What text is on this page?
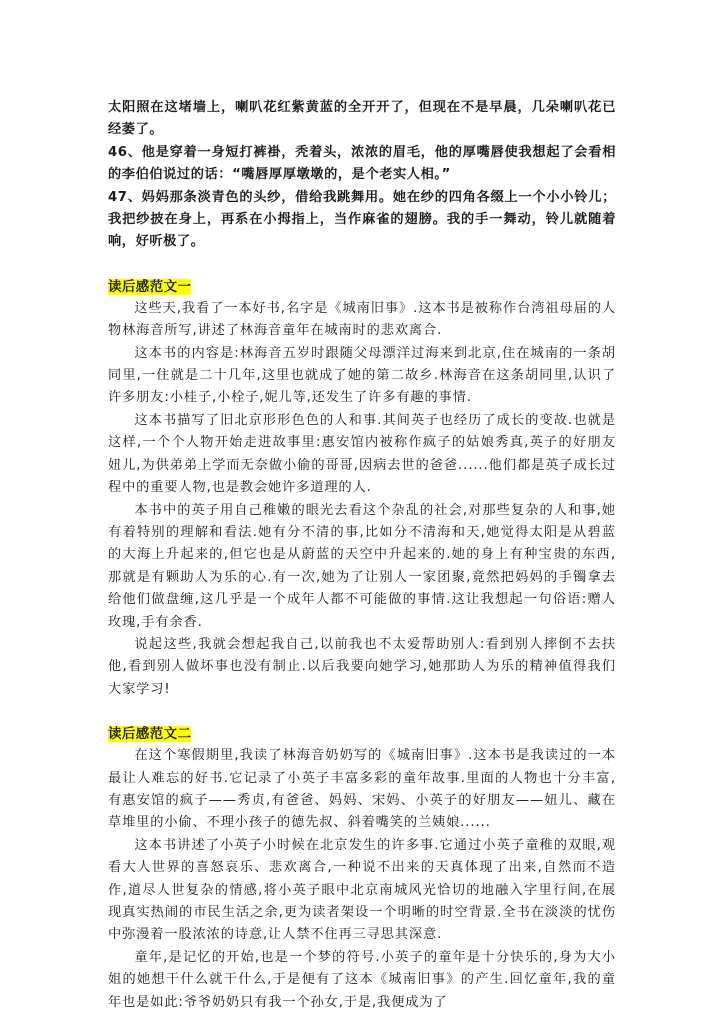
太阳照在这堵墙上，喇叭花红紫黄蓝的全开开了，但现在不是早晨，几朵喇叭花已经萎了。

46、他是穿着一身短打裤褂，秃着头，浓浓的眉毛，他的厚嘴唇使我想起了会看相的李伯伯说过的话：“嘴唇厚厚墩墩的，是个老实人相。”

47、妈妈那条淡青色的头纱，借给我跳舞用。她在纱的四角各缀上一个小小铃儿；我把纱披在身上，再系在小拇指上，当作麻雀的翅膀。我的手一舞动，铃儿就随着响，好听极了。

读后感范文一

这些天,我看了一本好书,名字是《城南旧事》.这本书是被称作台湾祖母届的人物林海音所写,讲述了林海音童年在城南时的悲欢离合.

这本书的内容是:林海音五岁时跟随父母漂洋过海来到北京,住在城南的一条胡同里,一住就是二十几年,这里也就成了她的第二故乡.林海音在这条胡同里,认识了许多朋友:小桂子,小栓子,妮儿等,还发生了许多有趣的事情.

这本书描写了旧北京形形色色的人和事.其间英子也经历了成长的变故.也就是这样,一个个人物开始走进故事里:惠安馆内被称作疯子的姑娘秀真,英子的好朋友妞儿,为供弟弟上学而无奈做小偷的哥哥,因病去世的爸爸......他们都是英子成长过程中的重要人物,也是教会她许多道理的人.

本书中的英子用自己稚嫩的眼光去看这个杂乱的社会,对那些复杂的人和事,她有着特别的理解和看法.她有分不清的事,比如分不清海和天,她觉得太阳是从碧蓝的大海上升起来的,但它也是从蔚蓝的天空中升起来的.她的身上有种宝贵的东西,那就是有颗助人为乐的心.有一次,她为了让别人一家团聚,竟然把妈妈的手镯拿去给他们做盘缠,这几乎是一个成年人都不可能做的事情.这让我想起一句俗语:赠人玫瑰,手有余香.

说起这些,我就会想起我自己,以前我也不太爱帮助别人:看到别人摔倒不去扶他,看到别人做坏事也没有制止.以后我要向她学习,她那助人为乐的精神值得我们大家学习!

读后感范文二

在这个寒假期里,我读了林海音奶奶写的《城南旧事》.这本书是我读过的一本最让人难忘的好书.它记录了小英子丰富多彩的童年故事.里面的人物也十分丰富,有惠安馆的疯子——秀贞,有爸爸、妈妈、宋妈、小英子的好朋友——妞儿、藏在草堆里的小偷、不理小孩子的德先叔、斜着嘴笑的兰姨娘......

这本书讲述了小英子小时候在北京发生的许多事.它通过小英子童稚的双眼,观看大人世界的喜怒哀乐、悲欢离合,一种说不出来的天真体现了出来,自然而不造作,道尽人世复杂的情感,将小英子眼中北京南城风光恰切的地融入字里行间,在展现真实热闹的市民生活之余,更为读者架设一个明晰的时空背景.全书在淡淡的忧伤中弥漫着一股浓浓的诗意,让人禁不住再三寻思其深意.

童年,是记忆的开始,也是一个梦的符号.小英子的童年是十分快乐的,身为大小姐的她想干什么就干什么,于是便有了这本《城南旧事》的产生.回忆童年,我的童年也是如此:爷爷奶奶只有我一个孙女,于是,我便成为了
